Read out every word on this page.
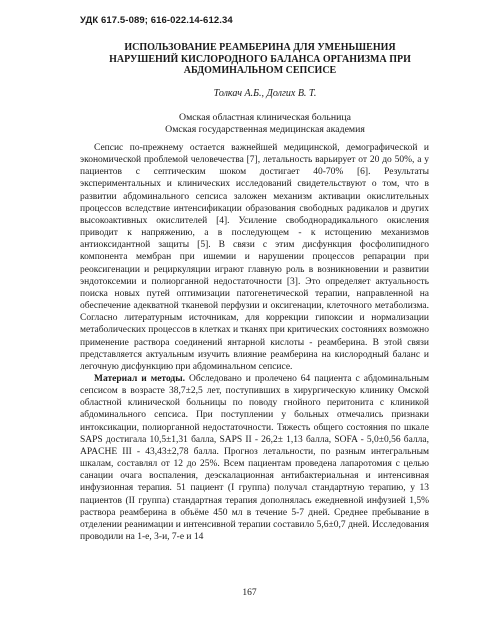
УДК 617.5-089; 616-022.14-612.34
ИСПОЛЬЗОВАНИЕ РЕАМБЕРИНА ДЛЯ УМЕНЬШЕНИЯ НАРУШЕНИЙ КИСЛОРОДНОГО БАЛАНСА ОРГАНИЗМА ПРИ АБДОМИНАЛЬНОМ СЕПСИСЕ
Толкач А.Б., Долгих В. Т.
Омская областная клиническая больница
Омская государственная медицинская академия

Сепсис по-прежнему остается важнейшей медицинской, демографической и экономической проблемой человечества [7], летальность варьирует от 20 до 50%, а у пациентов с септическим шоком достигает 40-70% [6]. Результаты экспериментальных и клинических исследований свидетельствуют о том, что в развитии абдоминального сепсиса заложен механизм активации окислительных процессов вследствие интенсификации образования свободных радикалов и других высокоактивных окислителей [4]. Усиление свободнорадикального окисления приводит к напряжению, а в последующем - к истощению механизмов антиоксидантной защиты [5]. В связи с этим дисфункция фосфолипидного компонента мембран при ишемии и нарушении процессов репарации при реоксигенации и рециркуляции играют главную роль в возникновении и развитии эндотоксемии и полиорганной недостаточности [3]. Это определяет актуальность поиска новых путей оптимизации патогенетической терапии, направленной на обеспечение адекватной тканевой перфузии и оксигенации, клеточного метаболизма. Согласно литературным источникам, для коррекции гипоксии и нормализации метаболических процессов в клетках и тканях при критических состояниях возможно применение раствора соединений янтарной кислоты - реамберина. В этой связи представляется актуальным изучить влияние реамберина на кислородный баланс и легочную дисфункцию при абдоминальном сепсисе.

Материал и методы. Обследовано и пролечено 64 пациента с абдоминальным сепсисом в возрасте 38,7±2,5 лет, поступивших в хирургическую клинику Омской областной клинической больницы по поводу гнойного перитонита с клиникой абдоминального сепсиса. При поступлении у больных отмечались признаки интоксикации, полиорганной недостаточности. Тяжесть общего состояния по шкале SAPS достигала 10,5±1,31 балла, SAPS II - 26,2± 1,13 балла, SOFA - 5,0±0,56 балла, APACHE III - 43,43±2,78 балла. Прогноз летальности, по разным интегральным шкалам, составлял от 12 до 25%. Всем пациентам проведена лапаротомия с целью санации очага воспаления, деэскалационная антибактериальная и интенсивная инфузионная терапия. 51 пациент (I группа) получал стандартную терапию, у 13 пациентов (II группа) стандартная терапия дополнялась ежедневной инфузией 1,5% раствора реамберина в объёме 450 мл в течение 5-7 дней. Среднее пребывание в отделении реанимации и интенсивной терапии составило 5,6±0,7 дней. Исследования проводили на 1-е, 3-и, 7-е и 14

167
